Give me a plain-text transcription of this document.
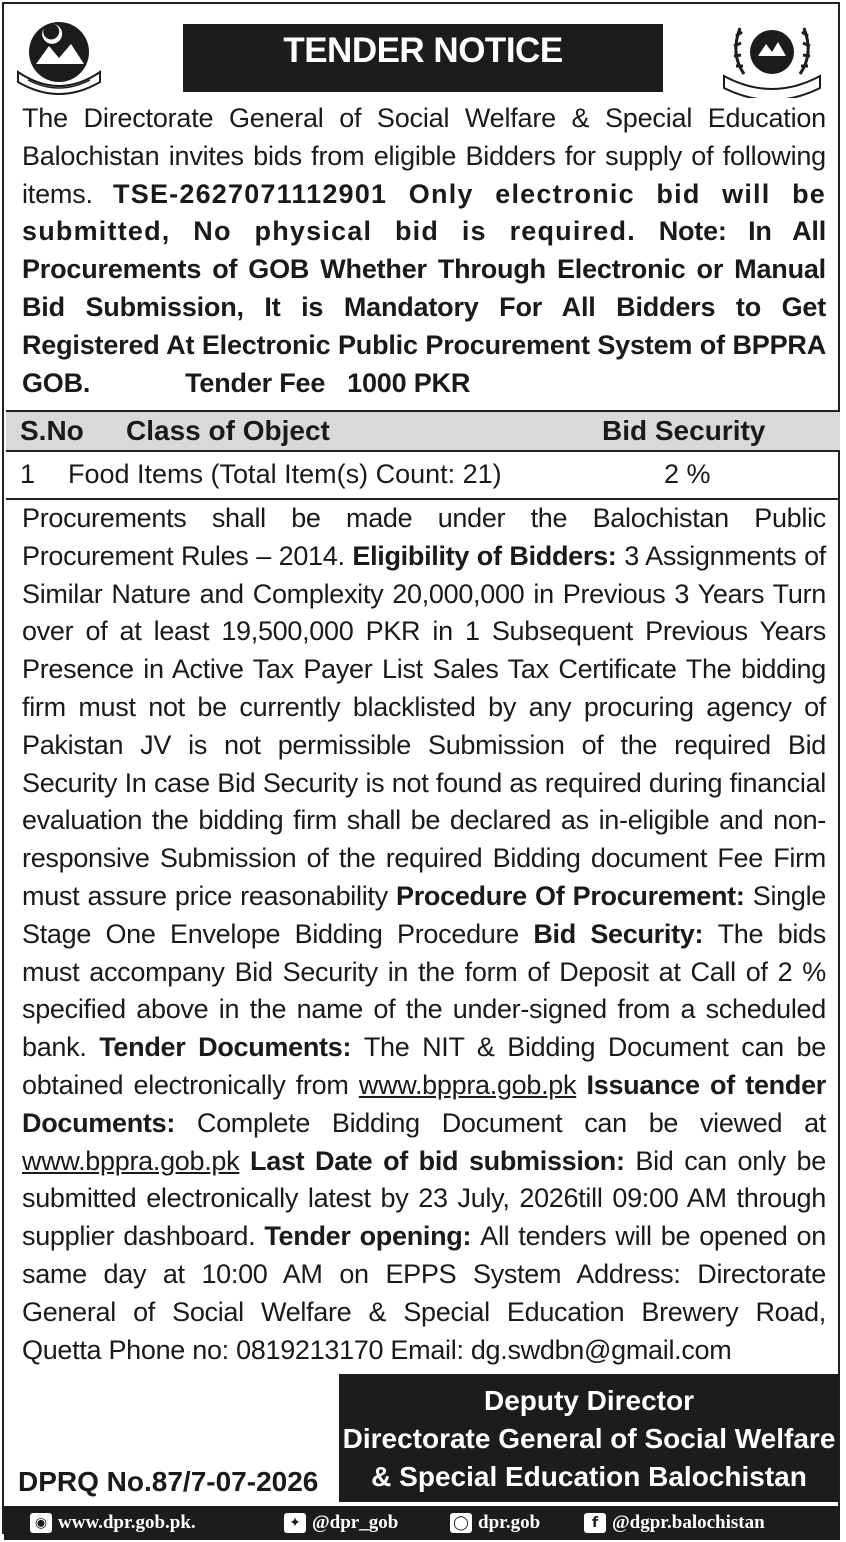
TENDER NOTICE
The Directorate General of Social Welfare & Special Education Balochistan invites bids from eligible Bidders for supply of following items. TSE-2627071112901 Only electronic bid will be submitted, No physical bid is required. Note: In All Procurements of GOB Whether Through Electronic or Manual Bid Submission, It is Mandatory For All Bidders to Get Registered At Electronic Public Procurement System of BPPRA GOB.	Tender Fee 1000 PKR
S.No Class of Object	Bid Security
1 Food Items (Total Item(s) Count: 21)	2 %
Procurements shall be made under the Balochistan Public Procurement Rules – 2014. Eligibility of Bidders: 3 Assignments of Similar Nature and Complexity 20,000,000 in Previous 3 Years Turn over of at least 19,500,000 PKR in 1 Subsequent Previous Years Presence in Active Tax Payer List Sales Tax Certificate The bidding firm must not be currently blacklisted by any procuring agency of Pakistan JV is not permissible Submission of the required Bid Security In case Bid Security is not found as required during financial evaluation the bidding firm shall be declared as in-eligible and non-responsive Submission of the required Bidding document Fee Firm must assure price reasonability Procedure Of Procurement: Single Stage One Envelope Bidding Procedure Bid Security: The bids must accompany Bid Security in the form of Deposit at Call of 2 % specified above in the name of the under-signed from a scheduled bank. Tender Documents: The NIT & Bidding Document can be obtained electronically from www.bppra.gob.pk Issuance of tender Documents: Complete Bidding Document can be viewed at www.bppra.gob.pk Last Date of bid submission: Bid can only be submitted electronically latest by 23 July, 2026till 09:00 AM through supplier dashboard. Tender opening: All tenders will be opened on same day at 10:00 AM on EPPS System Address: Directorate General of Social Welfare & Special Education Brewery Road, Quetta Phone no: 0819213170 Email: dg.swdbn@gmail.com
Deputy Director
Directorate General of Social Welfare
& Special Education Balochistan
DPRQ No.87/7-07-2026
◉ www.dpr.gob.pk.	✦ @dpr_gob	◯ dpr.gob	f @dgpr.balochistan
